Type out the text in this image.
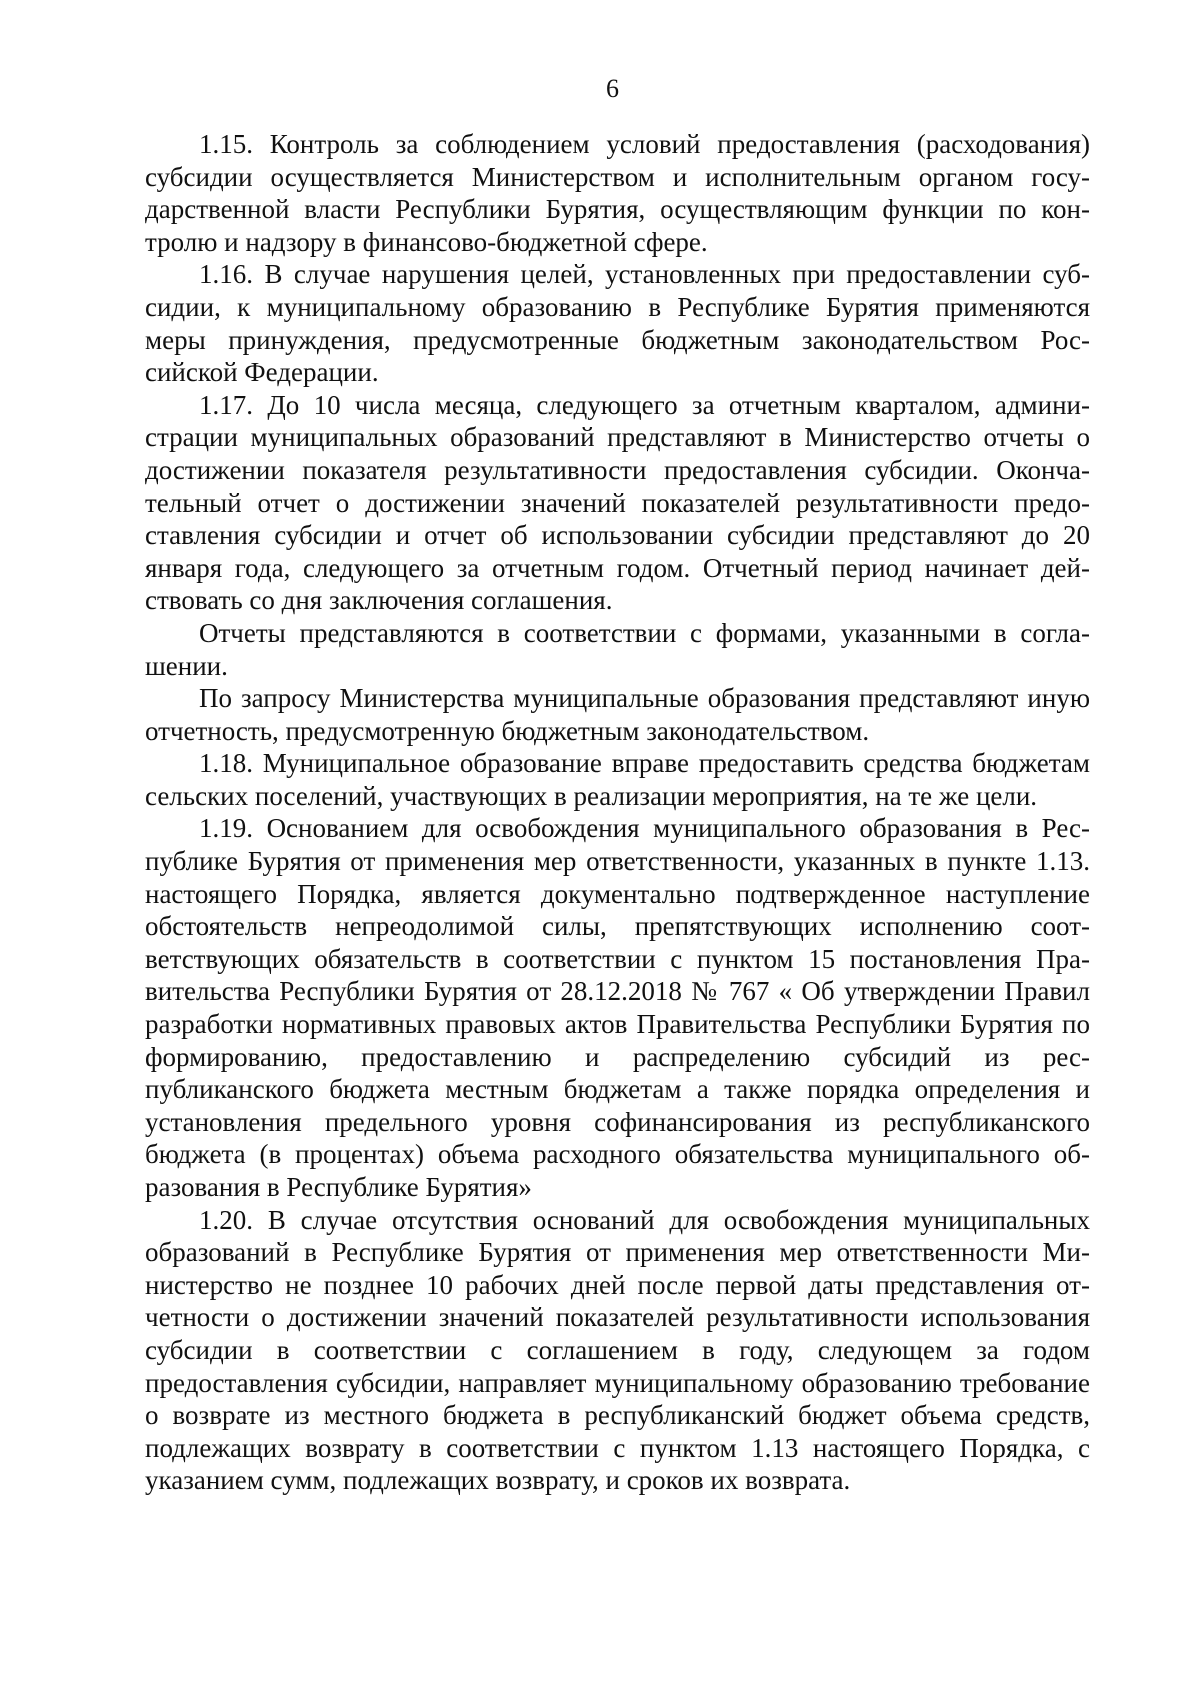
6

1.15. Контроль за соблюдением условий предоставления (расходования) субсидии осуществляется Министерством и исполнительным органом государственной власти Республики Бурятия, осуществляющим функции по контролю и надзору в финансово-бюджетной сфере.

1.16. В случае нарушения целей, установленных при предоставлении субсидии, к муниципальному образованию в Республике Бурятия применяются меры принуждения, предусмотренные бюджетным законодательством Российской Федерации.

1.17. До 10 числа месяца, следующего за отчетным кварталом, администрации муниципальных образований представляют в Министерство отчеты о достижении показателя результативности предоставления субсидии. Окончательный отчет о достижении значений показателей результативности предоставления субсидии и отчет об использовании субсидии представляют до 20 января года, следующего за отчетным годом. Отчетный период начинает действовать со дня заключения соглашения.

Отчеты представляются в соответствии с формами, указанными в соглашении.

По запросу Министерства муниципальные образования представляют иную отчетность, предусмотренную бюджетным законодательством.

1.18. Муниципальное образование вправе предоставить средства бюджетам сельских поселений, участвующих в реализации мероприятия, на те же цели.

1.19. Основанием для освобождения муниципального образования в Республике Бурятия от применения мер ответственности, указанных в пункте 1.13. настоящего Порядка, является документально подтвержденное наступление обстоятельств непреодолимой силы, препятствующих исполнению соответствующих обязательств в соответствии с пунктом 15 постановления Правительства Республики Бурятия от 28.12.2018 № 767 « Об утверждении Правил разработки нормативных правовых актов Правительства Республики Бурятия по формированию, предоставлению и распределению субсидий из республиканского бюджета местным бюджетам а также порядка определения и установления предельного уровня софинансирования из республиканского бюджета (в процентах) объема расходного обязательства муниципального образования в Республике Бурятия»

1.20. В случае отсутствия оснований для освобождения муниципальных образований в Республике Бурятия от применения мер ответственности Министерство не позднее 10 рабочих дней после первой даты представления отчетности о достижении значений показателей результативности использования субсидии в соответствии с соглашением в году, следующем за годом предоставления субсидии, направляет муниципальному образованию требование о возврате из местного бюджета в республиканский бюджет объема средств, подлежащих возврату в соответствии с пунктом 1.13 настоящего Порядка, с указанием сумм, подлежащих возврату, и сроков их возврата.
